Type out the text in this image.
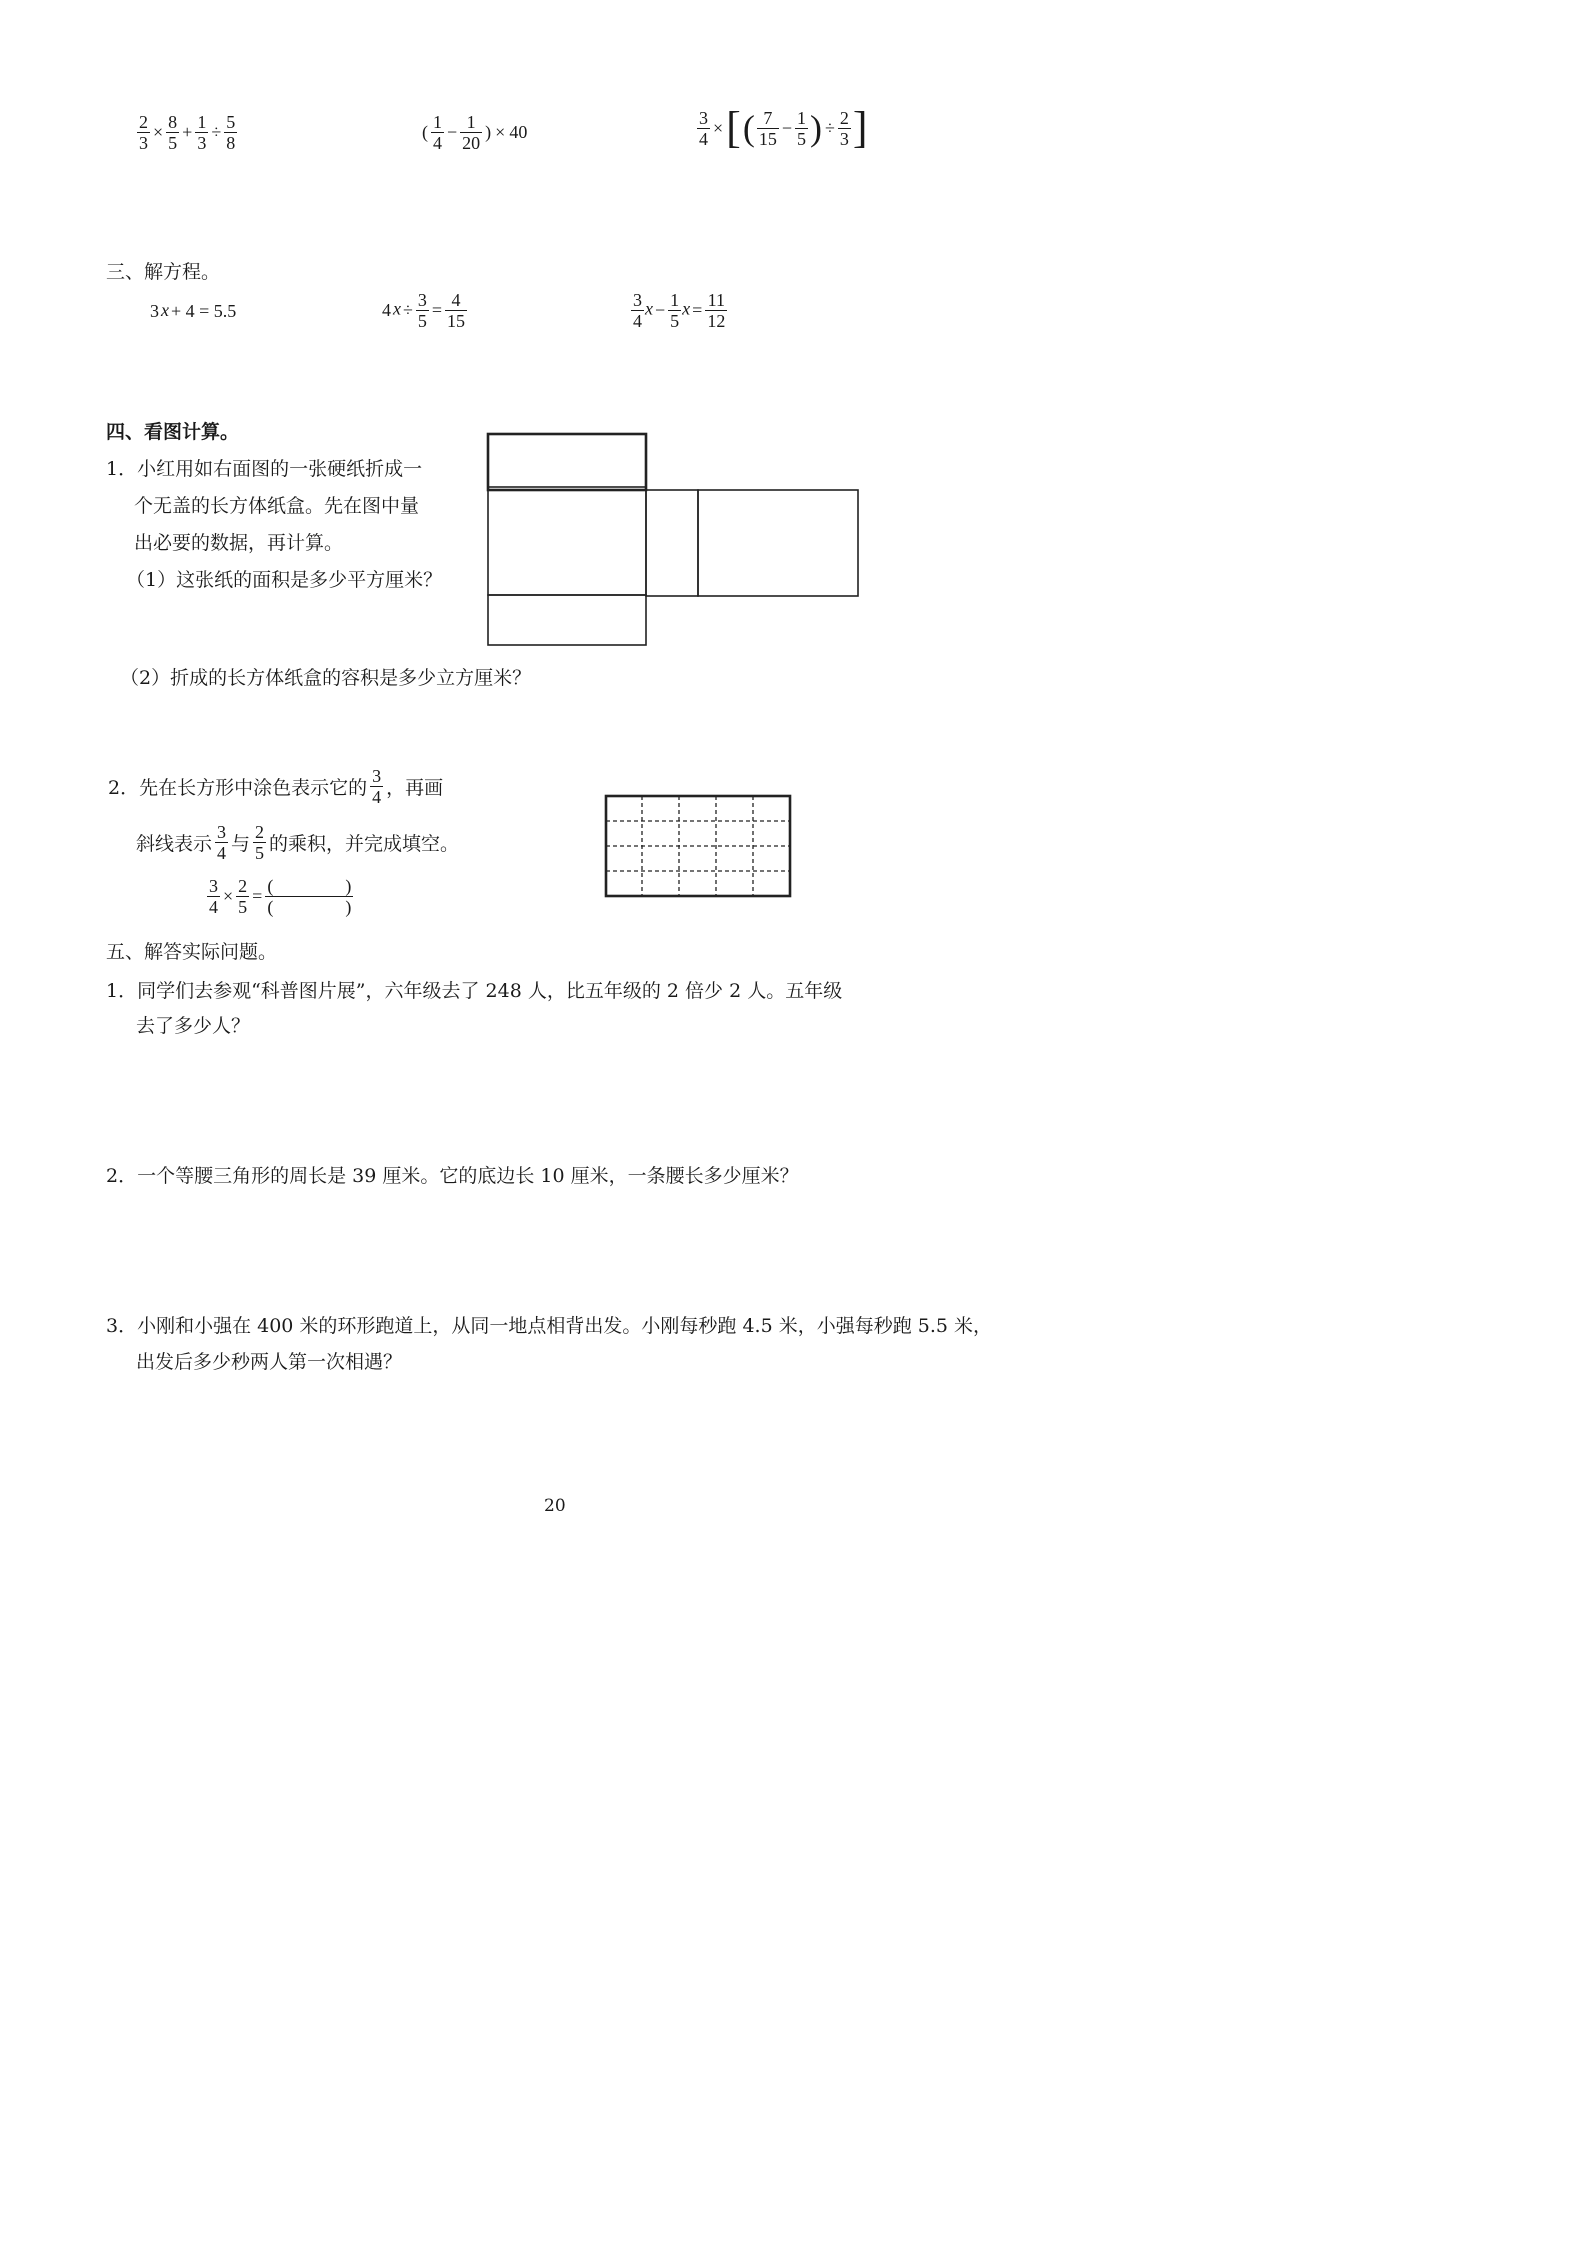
$\frac{2}{3} \times \frac{8}{5} + \frac{1}{3} \div \frac{5}{8}$	( $\frac{1}{4} - \frac{1}{20}$ ) × 40	$\frac{3}{4}$ ×[( $\frac{7}{15} - \frac{1}{5}$ ) ÷ $\frac{2}{3}$ ]
三、解方程。
3 x + 4 = 5.5	4 $x \div \frac{3}{5} = \frac{4}{15}$	$\frac{3}{4}$ $x - \frac{1}{5}$ $x = \frac{11}{12}$
四、看图计算。
1．小红用如右面图的一张硬纸折成一
个无盖的长方体纸盒。先在图中量
出必要的数据，再计算。
（1）这张纸的面积是多少平方厘米？
（2）折成的长方体纸盒的容积是多少立方厘米？
2．先在长方形中涂色表示它的 $\frac{3}{4}$ ，再画
斜线表示 $\frac{3}{4}$ 与 $\frac{2}{5}$ 的乘积，并完成填空。
$\frac{3}{4} \times \frac{2}{5}$ = (	)
(	)
五、解答实际问题。
1．同学们去参观“科普图片展”，六年级去了 248 人，比五年级的 2 倍少 2 人。五年级
去了多少人？
2．一个等腰三角形的周长是 39 厘米。它的底边长 10 厘米，一条腰长多少厘米？
3．小刚和小强在 400 米的环形跑道上，从同一地点相背出发。小刚每秒跑 4.5 米，小强每秒跑 5.5 米，
出发后多少秒两人第一次相遇？
20
